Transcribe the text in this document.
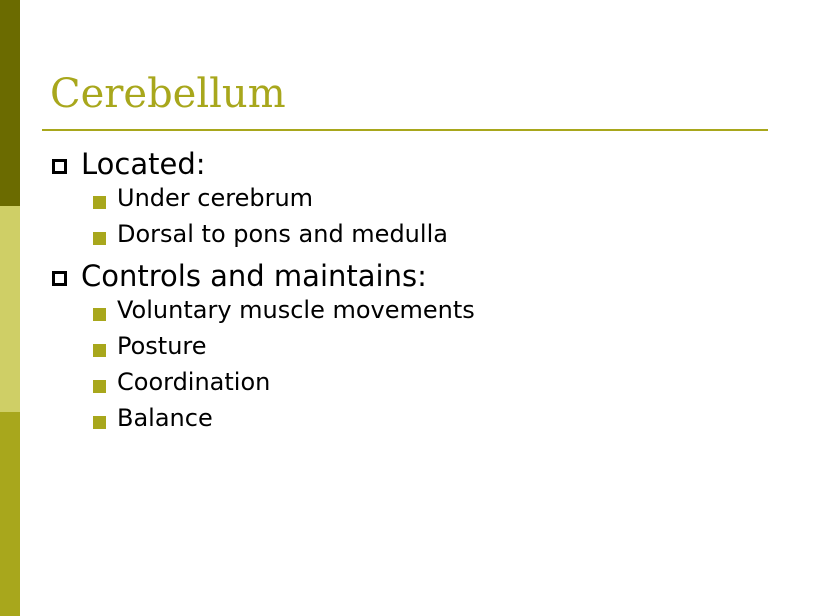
Cerebellum
Located:
Under cerebrum
Dorsal to pons and medulla
Controls and maintains:
Voluntary muscle movements
Posture
Coordination
Balance
